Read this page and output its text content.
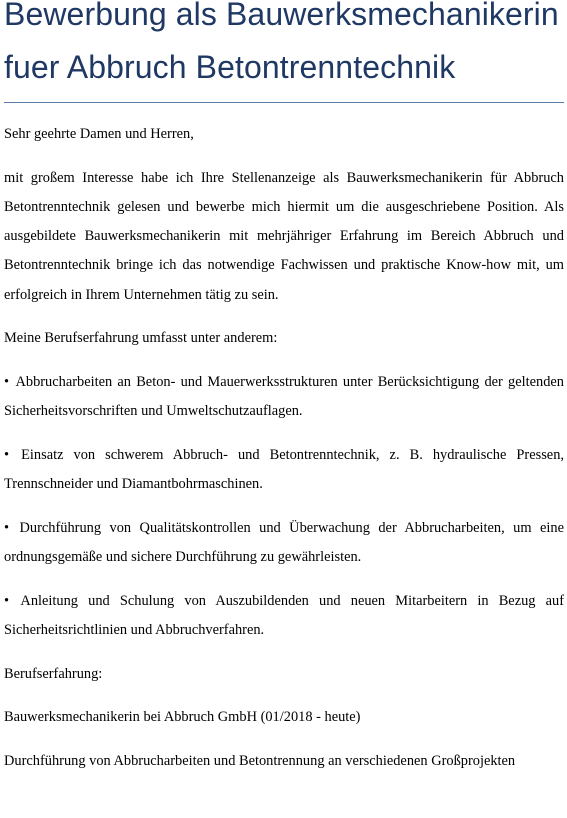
Bewerbung als Bauwerksmechanikerin fuer Abbruch Betontrenntechnik

Sehr geehrte Damen und Herren,

mit großem Interesse habe ich Ihre Stellenanzeige als Bauwerksmechanikerin für Abbruch Betontrenntechnik gelesen und bewerbe mich hiermit um die ausgeschriebene Position. Als ausgebildete Bauwerksmechanikerin mit mehrjähriger Erfahrung im Bereich Abbruch und Betontrenntechnik bringe ich das notwendige Fachwissen und praktische Know-how mit, um erfolgreich in Ihrem Unternehmen tätig zu sein.

Meine Berufserfahrung umfasst unter anderem:

• Abbrucharbeiten an Beton- und Mauerwerksstrukturen unter Berücksichtigung der geltenden Sicherheitsvorschriften und Umweltschutzauflagen.

• Einsatz von schwerem Abbruch- und Betontrenntechnik, z. B. hydraulische Pressen, Trennschneider und Diamantbohrmaschinen.

• Durchführung von Qualitätskontrollen und Überwachung der Abbrucharbeiten, um eine ordnungsgemäße und sichere Durchführung zu gewährleisten.

• Anleitung und Schulung von Auszubildenden und neuen Mitarbeitern in Bezug auf Sicherheitsrichtlinien und Abbruchverfahren.

Berufserfahrung:

Bauwerksmechanikerin bei Abbruch GmbH (01/2018 - heute)

Durchführung von Abbrucharbeiten und Betontrennung an verschiedenen Großprojekten
